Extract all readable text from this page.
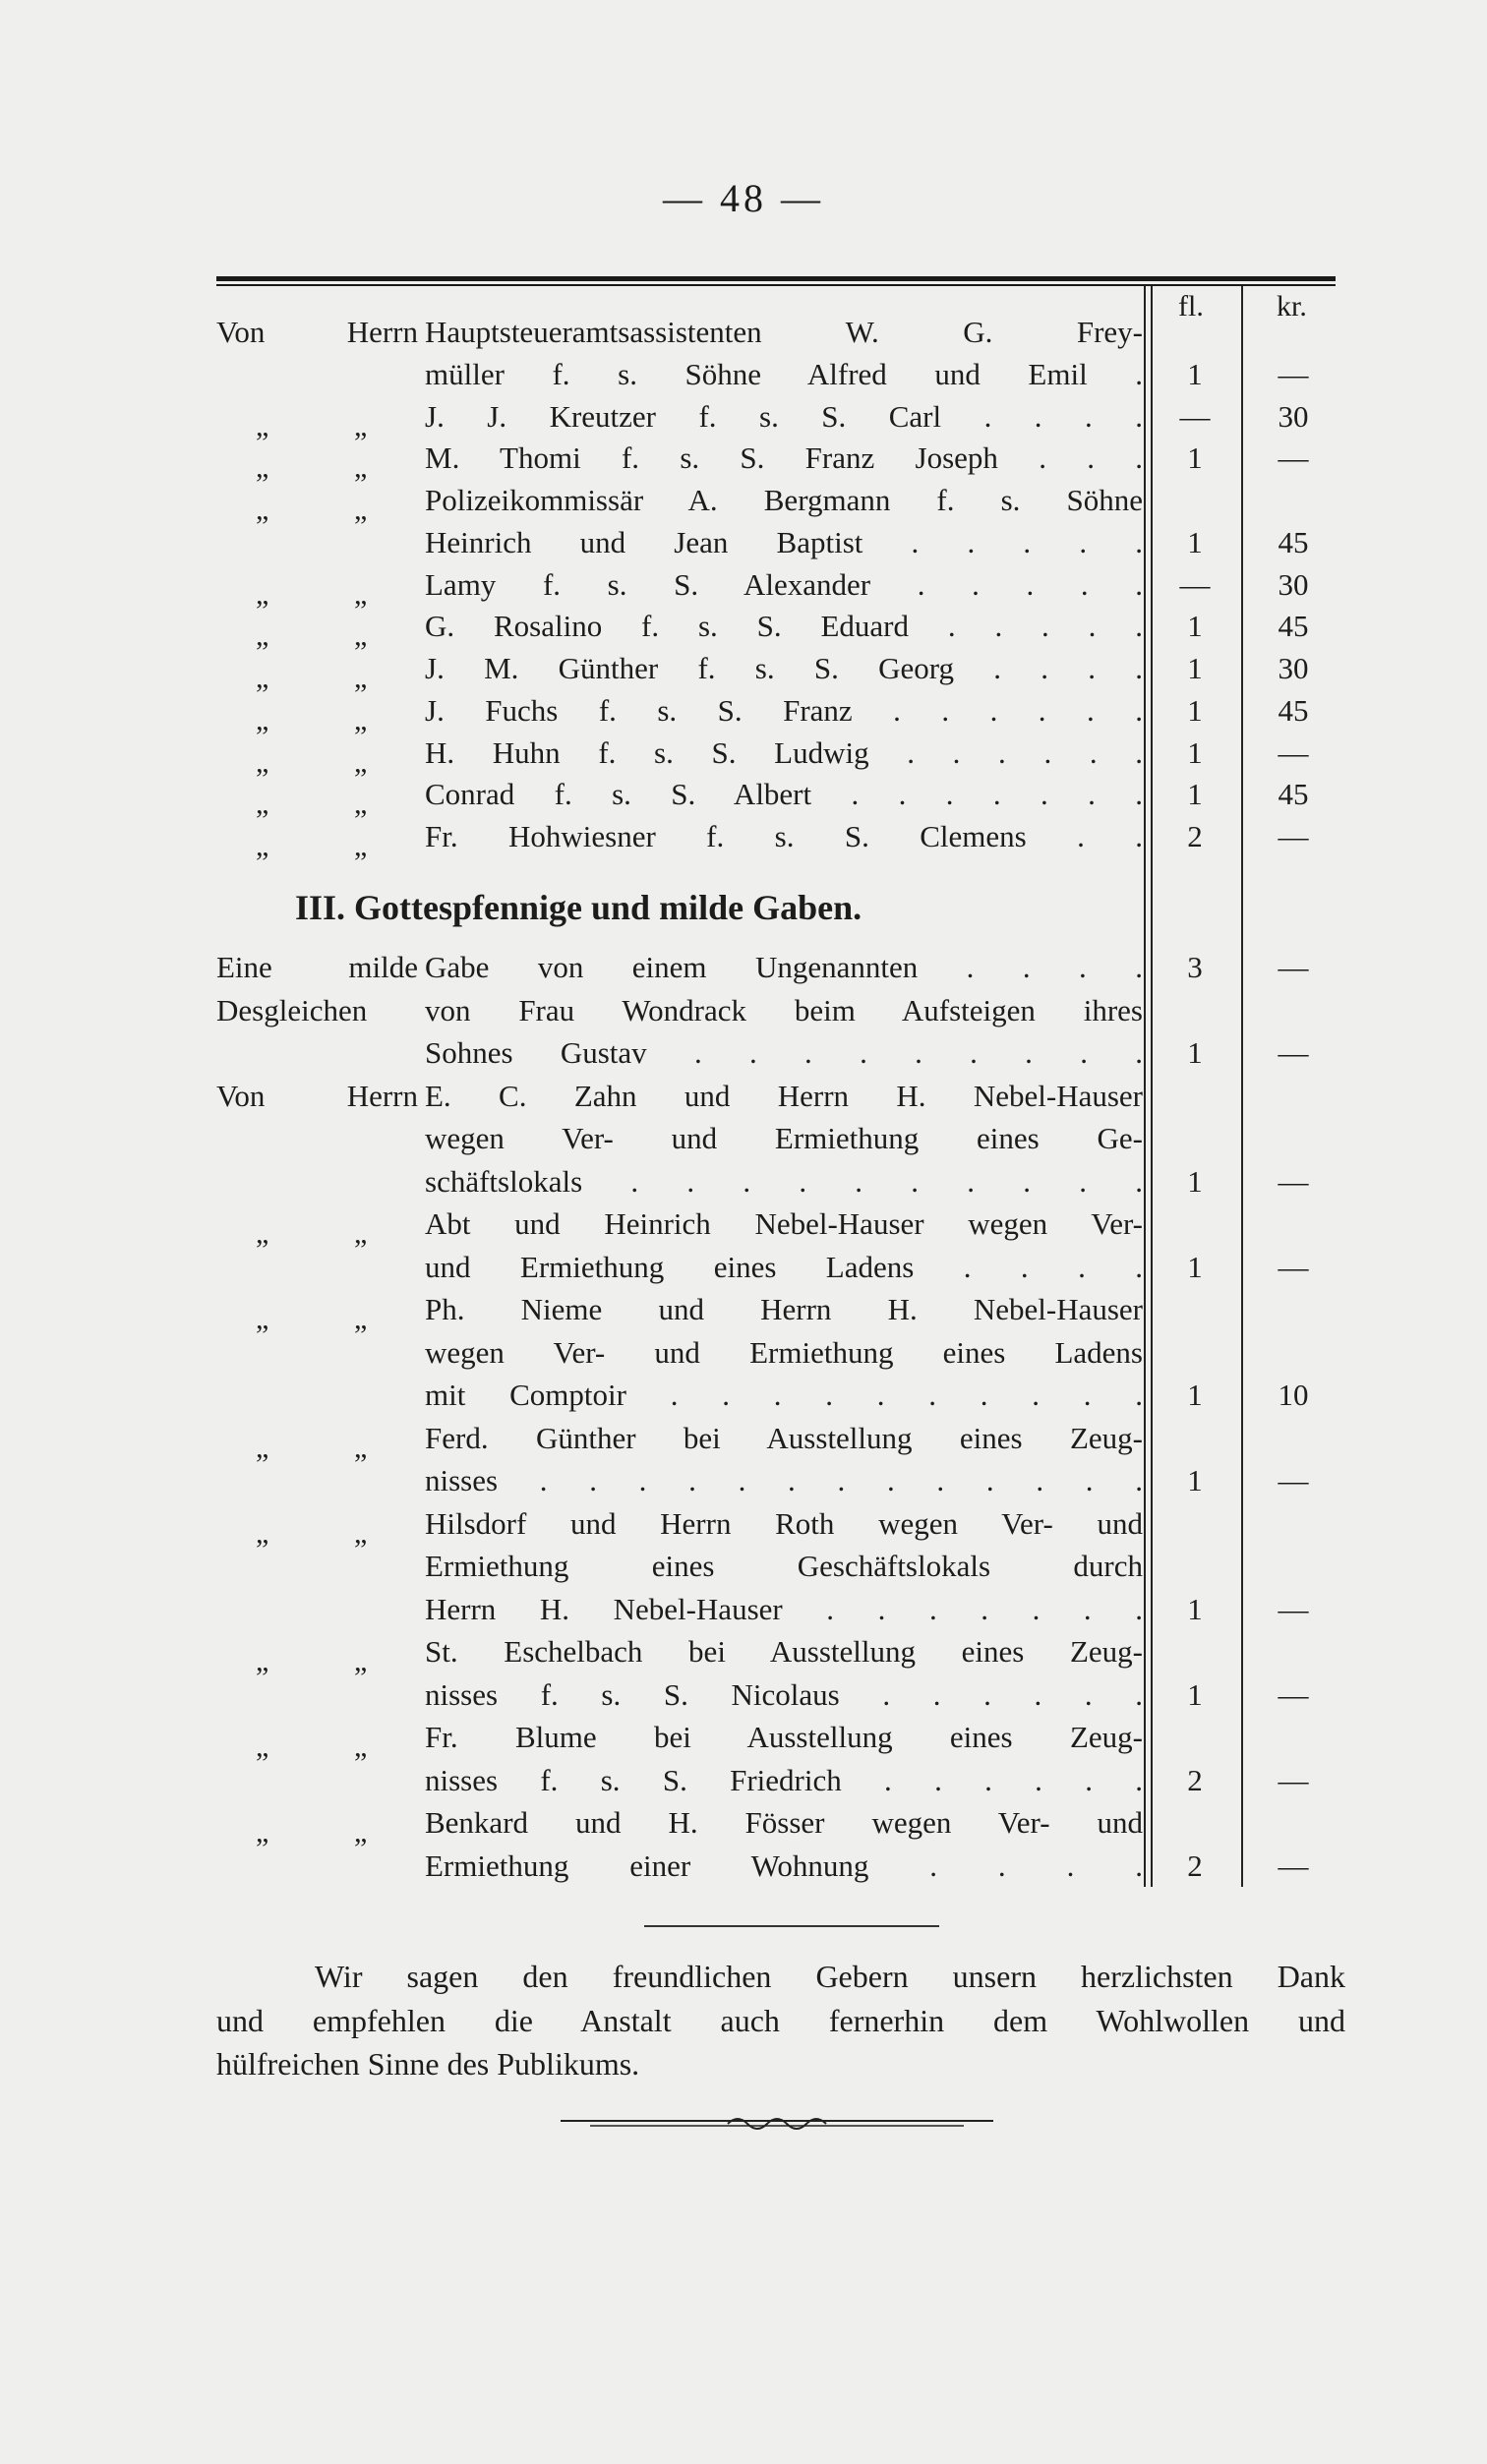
— 48 —
fl. kr.
Von Herrn Hauptsteueramtsassistenten W. G. Frey-
müller f. s. Söhne Alfred und Emil .	1	—
„	„ J. J. Kreutzer f. s. S. Carl . . . .	—	30
„	„ M. Thomi f. s. S. Franz Joseph . . .	1	—
„	„ Polizeikommissär A. Bergmann f. s. Söhne
Heinrich und Jean Baptist . . . . .	1	45
„	„ Lamy f. s. S. Alexander . . . . .	—	30
„	„ G. Rosalino f. s. S. Eduard . . . . .	1	45
„	„ J. M. Günther f. s. S. Georg . . . .	1	30
„	„ J. Fuchs f. s. S. Franz . . . . . .	1	45
„	„ H. Huhn f. s. S. Ludwig . . . . . .	1	—
„	„ Conrad f. s. S. Albert . . . . . . .	1	45
„	„ Fr. Hohwiesner f. s. S. Clemens . .	2	—
III. Gottespfennige und milde Gaben.
Eine milde Gabe von einem Ungenannten . . . .	3	—
Desgleichen	von Frau Wondrack beim Aufsteigen ihres
Sohnes Gustav . . . . . . . . .	1	—
Von Herrn E. C. Zahn und Herrn H. Nebel-Hauser
wegen Ver- und Ermiethung eines Ge-
schäftslokals . . . . . . . . . .	1	—
„	„ Abt und Heinrich Nebel-Hauser wegen Ver-
und Ermiethung eines Ladens . . . .	1	—
„	„ Ph. Nieme und Herrn H. Nebel-Hauser
wegen Ver- und Ermiethung eines Ladens
mit Comptoir . . . . . . . . . .	1	10
„	„ Ferd. Günther bei Ausstellung eines Zeug-
nisses . . . . . . . . . . . . .	1	—
„	„ Hilsdorf und Herrn Roth wegen Ver- und
Ermiethung eines Geschäftslokals durch
Herrn H. Nebel-Hauser . . . . . . .	1	—
„	„ St. Eschelbach bei Ausstellung eines Zeug-
nisses f. s. S. Nicolaus . . . . . .	1	—
„	„ Fr. Blume bei Ausstellung eines Zeug-
nisses f. s. S. Friedrich . . . . . .	2	—
„	„ Benkard und H. Fösser wegen Ver- und
Ermiethung einer Wohnung . . . .	2	—
Wir sagen den freundlichen Gebern unsern herzlichsten Dank
und empfehlen die Anstalt auch fernerhin dem Wohlwollen und
hülfreichen Sinne des Publikums.
